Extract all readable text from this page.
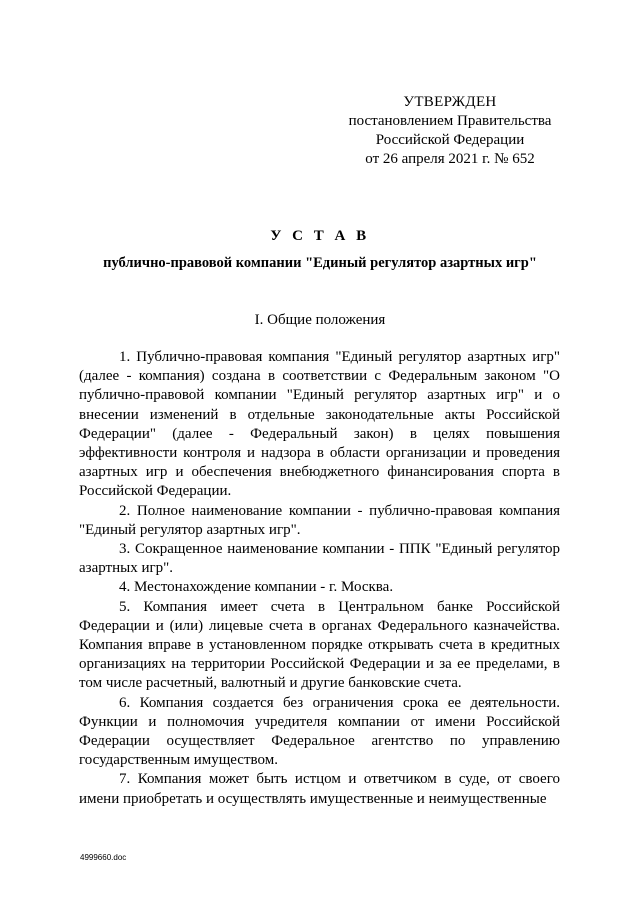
УТВЕРЖДЕН
постановлением Правительства
Российской Федерации
от 26 апреля 2021 г. № 652
У С Т А В
публично-правовой компании "Единый регулятор азартных игр"
I. Общие положения

1. Публично-правовая компания "Единый регулятор азартных игр" (далее - компания) создана в соответствии с Федеральным законом "О публично-правовой компании "Единый регулятор азартных игр" и о внесении изменений в отдельные законодательные акты Российской Федерации" (далее - Федеральный закон) в целях повышения эффективности контроля и надзора в области организации и проведения азартных игр и обеспечения внебюджетного финансирования спорта в Российской Федерации.

2. Полное наименование компании - публично-правовая компания "Единый регулятор азартных игр".

3. Сокращенное наименование компании - ППК "Единый регулятор азартных игр".

4. Местонахождение компании - г. Москва.

5. Компания имеет счета в Центральном банке Российской Федерации и (или) лицевые счета в органах Федерального казначейства. Компания вправе в установленном порядке открывать счета в кредитных организациях на территории Российской Федерации и за ее пределами, в том числе расчетный, валютный и другие банковские счета.

6. Компания создается без ограничения срока ее деятельности. Функции и полномочия учредителя компании от имени Российской Федерации осуществляет Федеральное агентство по управлению государственным имуществом.

7. Компания может быть истцом и ответчиком в суде, от своего имени приобретать и осуществлять имущественные и неимущественные

4999660.doc
